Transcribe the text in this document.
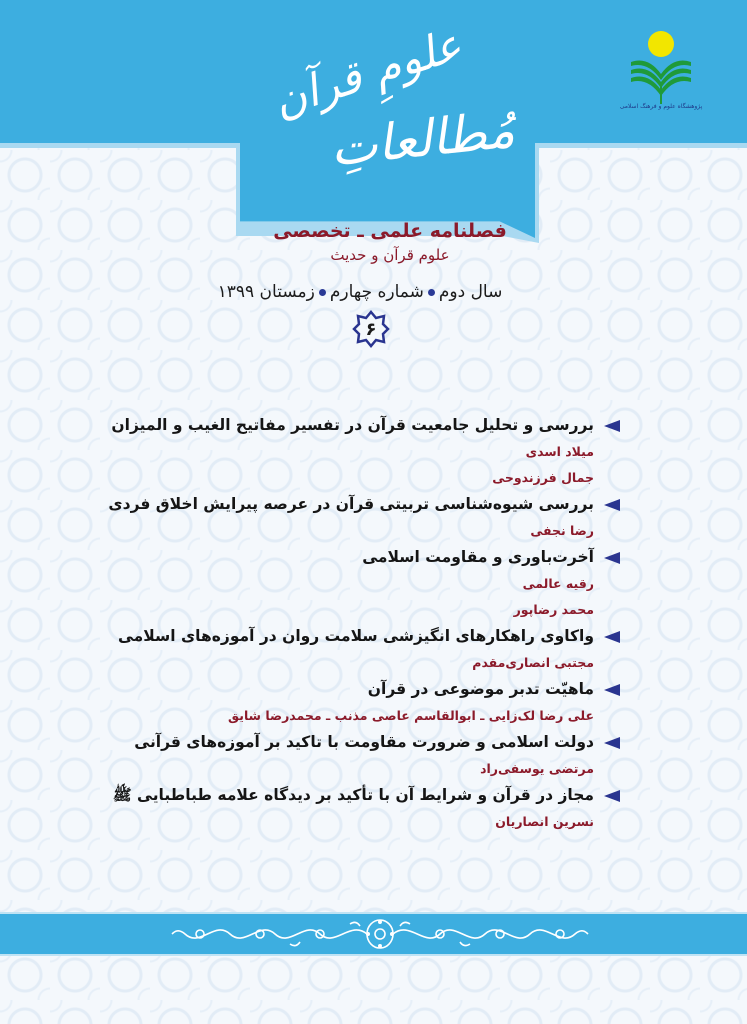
علومِ قرآن
مُطالعاتِ	پژوهشگاه علوم و فرهنگ اسلامی
فصلنامه علمی ـ تخصصی
علوم قرآن و حدیث
سال دومشماره چهارمزمستان ۱۳۹۹
۶
بررسی و تحلیل جامعیت قرآن در تفسیر مفاتیح الغیب و المیزان
میلاد اسدی
جمال فرزندوحی
بررسی شیوه‌شناسی تربیتی قرآن در عرصه پیرایش اخلاق فردی
رضا نجفی
آخرت‌باوری و مقاومت اسلامی
رقیه عالمی
محمد رضاپور
واکاوی راهکارهای انگیزشی سلامت روان در آموزه‌های اسلامی
مجتبی انصاری‌مقدم
ماهیّت تدبر موضوعی در قرآن
علی رضا لک‌زایی ـ ابوالقاسم عاصی مذنب ـ محمدرضا شایق
دولت اسلامی و ضرورت مقاومت با تاکید بر آموزه‌های قرآنی
مرتضی یوسفی‌راد
مجاز در قرآن و شرایط آن با تأکید بر دیدگاه علامه طباطبایی ﷺ
نسرین انصاریان
